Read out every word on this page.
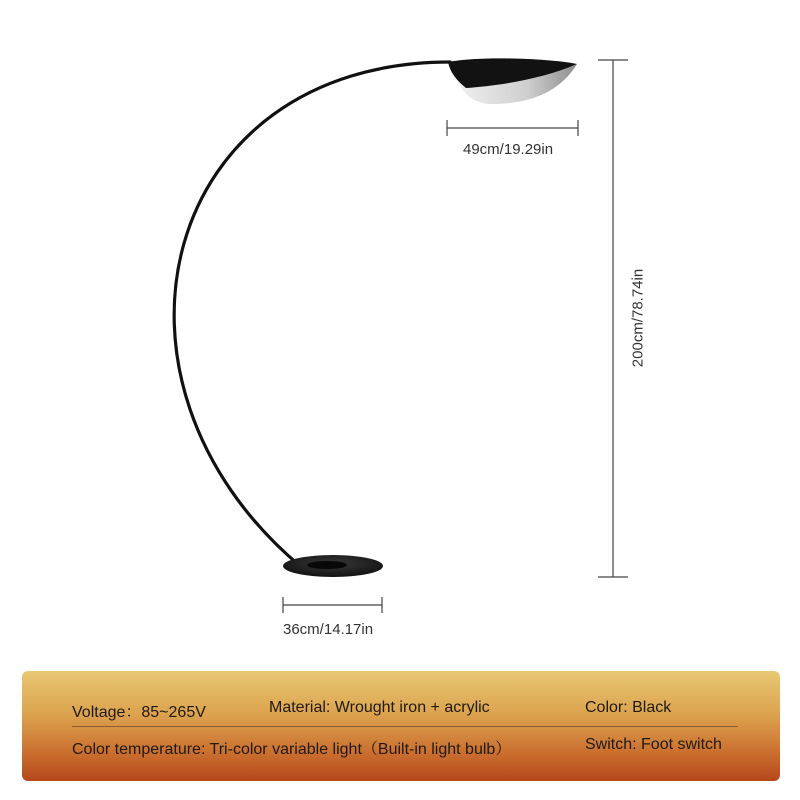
49cm/19.29in
200cm/78.74in
36cm/14.17in
Voltage：85~265V	Material: Wrought iron + acrylic	Color: Black
Color temperature: Tri-color variable light（Built-in light bulb）	Switch: Foot switch
